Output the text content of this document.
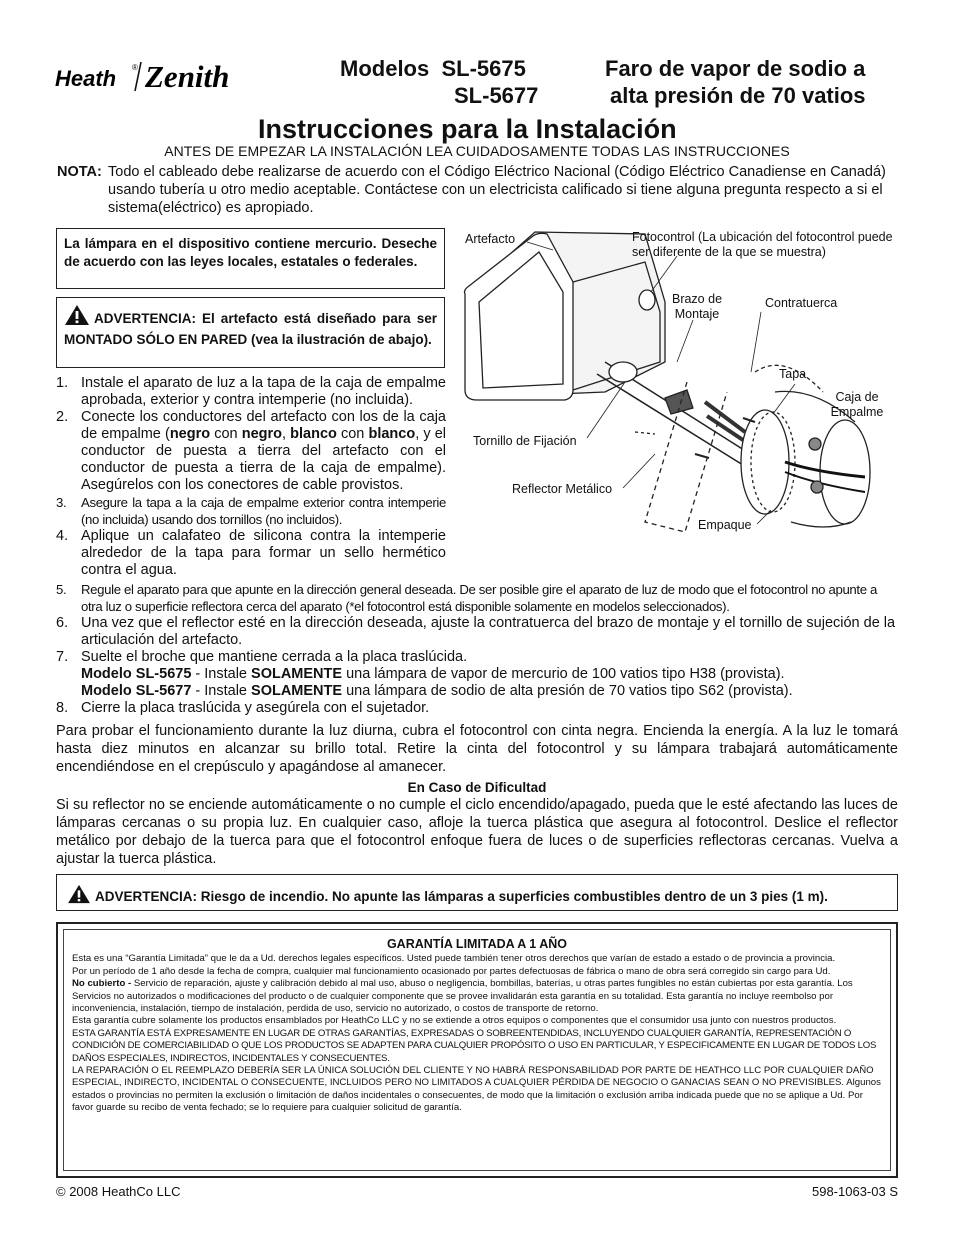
Heath ® Zenith	Modelos SL-5675
SL-5677
Faro de vapor de sodio a
alta presión de 70 vatios
Instrucciones para la Instalación
ANTES DE EMPEZAR LA INSTALACIÓN LEA CUIDADOSAMENTE TODAS LAS INSTRUCCIONES
NOTA: Todo el cableado debe realizarse de acuerdo con el Código Eléctrico Nacional (Código Eléctrico Canadiense en Canadá) usando tubería u otro medio aceptable. Contáctese con un electricista calificado si tiene alguna pregunta respecto a si el sistema(eléctrico) es apropiado.
La lámpara en el dispositivo contiene mercurio. Deseche de acuerdo con las leyes locales, estatales o federales.
ADVERTENCIA: El artefacto está diseñado para ser MONTADO SÓLO EN PARED (vea la ilustración de abajo).
1. Instale el aparato de luz a la tapa de la caja de empalme aprobada, exterior y contra intemperie (no incluida).
2. Conecte los conductores del artefacto con los de la caja de empalme (negro con negro, blanco con blanco, y el conductor de puesta a tierra del artefacto con el conductor de puesta a tierra de la caja de empalme). Asegúrelos con los conectores de cable provistos.
3. Asegure la tapa a la caja de empalme exterior contra intemperie (no incluida) usando dos tornillos (no incluidos).
4. Aplique un calafateo de silicona contra la intemperie alrededor de la tapa para formar un sello hermético contra el agua.
5. Regule el aparato para que apunte en la dirección general deseada. De ser posible gire el aparato de luz de modo que el fotocontrol no apunte a otra luz o superficie reflectora cerca del aparato (*el fotocontrol está disponible solamente en modelos seleccionados).
6. Una vez que el reflector esté en la dirección deseada, ajuste la contratuerca del brazo de montaje y el tornillo de sujeción de la articulación del artefacto.
7. Suelte el broche que mantiene cerrada a la placa traslúcida.
Modelo SL-5675 - Instale SOLAMENTE una lámpara de vapor de mercurio de 100 vatios tipo H38 (provista).
Modelo SL-5677 - Instale SOLAMENTE una lámpara de sodio de alta presión de 70 vatios tipo S62 (provista).
8. Cierre la placa traslúcida y asegúrela con el sujetador.
Para probar el funcionamiento durante la luz diurna, cubra el fotocontrol con cinta negra. Encienda la energía. A la luz le tomará hasta diez minutos en alcanzar su brillo total. Retire la cinta del fotocontrol y su lámpara trabajará automáticamente encendiéndose en el crepúsculo y apagándose al amanecer.
En Caso de Dificultad
Si su reflector no se enciende automáticamente o no cumple el ciclo encendido/apagado, pueda que le esté afectando las luces de lámparas cercanas o su propia luz. En cualquier caso, afloje la tuerca plástica que asegura al fotocontrol. Deslice el reflector metálico por debajo de la tuerca para que el fotocontrol enfoque fuera de luces o de superficies reflectoras cercanas. Vuelva a ajustar la tuerca plástica.
ADVERTENCIA: Riesgo de incendio. No apunte las lámparas a superficies combustibles dentro de un 3 pies (1 m).
Artefacto	Fotocontrol (La ubicación del fotocontrol puede ser diferente de la que se muestra)
Brazo de Montaje
Contratuerca
Tapa
Caja de Empalme
Tornillo de Fijación
Reflector Metálico
Empaque
GARANTÍA LIMITADA A 1 AÑO

Esta es una “Garantía Limitada” que le da a Ud. derechos legales específicos. Usted puede también tener otros derechos que varían de estado a estado o de provincia a provincia.

Por un período de 1 año desde la fecha de compra, cualquier mal funcionamiento ocasionado por partes defectuosas de fábrica o mano de obra será corregido sin cargo para Ud.

No cubierto - Servicio de reparación, ajuste y calibración debido al mal uso, abuso o negligencia, bombillas, baterías, u otras partes fungibles no están cubiertas por esta garantía. Los Servicios no autorizados o modificaciones del producto o de cualquier componente que se provee invalidarán esta garantía en su totalidad. Esta garantía no incluye reembolso por inconveniencia, instalación, tiempo de instalación, perdida de uso, servicio no autorizado, o costos de transporte de retorno.

Esta garantía cubre solamente los productos ensamblados por HeathCo LLC y no se extiende a otros equipos o componentes que el consumidor usa junto con nuestros productos.

ESTA GARANTÍA ESTÁ EXPRESAMENTE EN LUGAR DE OTRAS GARANTÍAS, EXPRESADAS O SOBREENTENDIDAS, INCLUYENDO CUALQUIER GARANTÍA, REPRESENTACIÓN O CONDICIÓN DE COMERCIABILIDAD O QUE LOS PRODUCTOS SE ADAPTEN PARA CUALQUIER PROPÓSITO O USO EN PARTICULAR, Y ESPECIFICAMENTE EN LUGAR DE TODOS LOS DAÑOS ESPECIALES, INDIRECTOS, INCIDENTALES Y CONSECUENTES.

LA REPARACIÓN O EL REEMPLAZO DEBERÍA SER LA ÚNICA SOLUCIÓN DEL CLIENTE Y NO HABRÁ RESPONSABILIDAD POR PARTE DE HEATHCO LLC POR CUALQUIER DAÑO ESPECIAL, INDIRECTO, INCIDENTAL O CONSECUENTE, INCLUIDOS PERO NO LIMITADOS A CUALQUIER PÉRDIDA DE NEGOCIO O GANACIAS SEAN O NO PREVISIBLES. Algunos estados o provincias no permiten la exclusión o limitación de daños incidentales o consecuentes, de modo que la limitación o exclusión arriba indicada puede que no se aplique a Ud. Por favor guarde su recibo de venta fechado; se lo requiere para cualquier solicitud de garantía.

© 2008 HeathCo LLC	598-1063-03 S
